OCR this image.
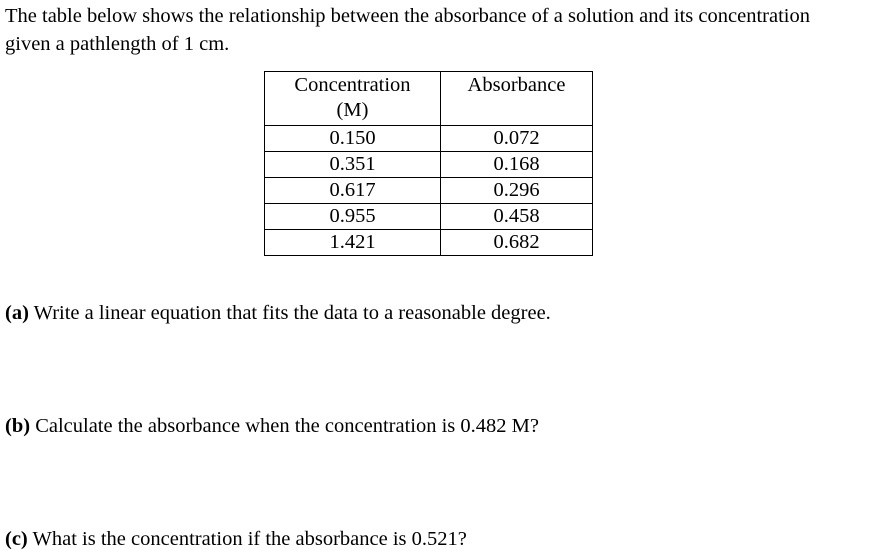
The table below shows the relationship between the absorbance of a solution and its concentration
given a pathlength of 1 cm.

Concentration
(M)	Absorbance
0.150	0.072
0.351	0.168
0.617	0.296
0.955	0.458
1.421	0.682

(a) Write a linear equation that fits the data to a reasonable degree.

(b) Calculate the absorbance when the concentration is 0.482 M?

(c) What is the concentration if the absorbance is 0.521?
